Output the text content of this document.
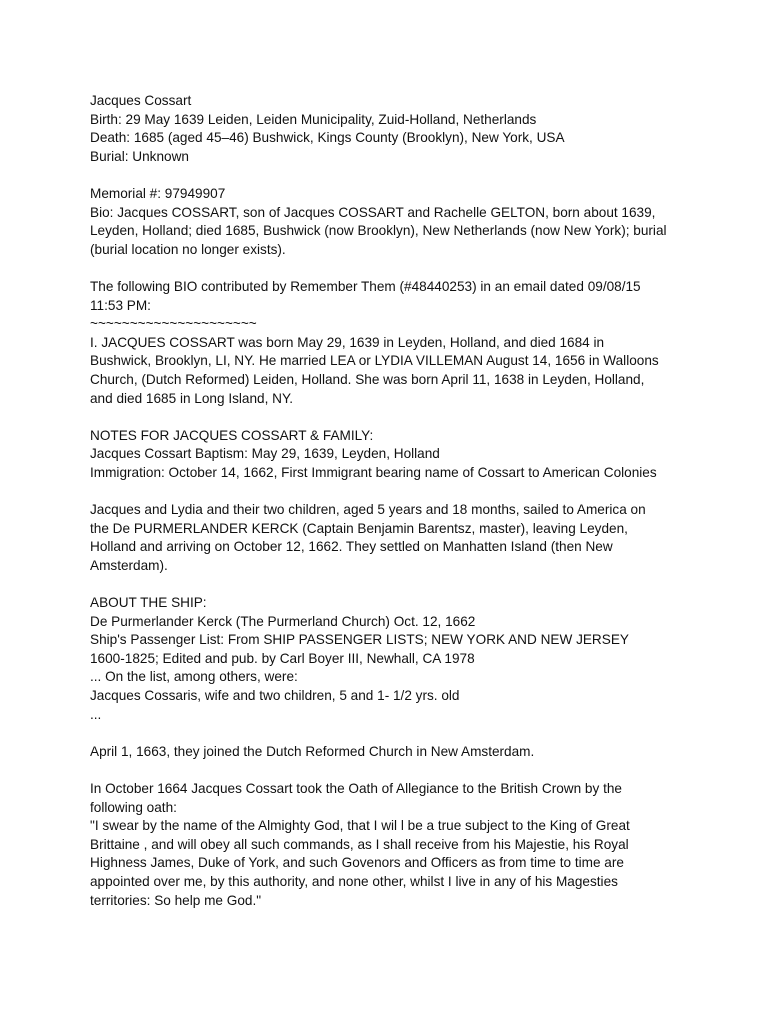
Jacques Cossart
Birth: 29 May 1639 Leiden, Leiden Municipality, Zuid-Holland, Netherlands
Death: 1685 (aged 45–46) Bushwick, Kings County (Brooklyn), New York, USA
Burial: Unknown
Memorial #: 97949907
Bio: Jacques COSSART, son of Jacques COSSART and Rachelle GELTON, born about 1639,
Leyden, Holland; died 1685, Bushwick (now Brooklyn), New Netherlands (now New York); burial
(burial location no longer exists).
The following BIO contributed by Remember Them (#48440253) in an email dated 09/08/15
11:53 PM:
~~~~~~~~~~~~~~~~~~~~~
I. JACQUES COSSART was born May 29, 1639 in Leyden, Holland, and died 1684 in
Bushwick, Brooklyn, LI, NY. He married LEA or LYDIA VILLEMAN August 14, 1656 in Walloons
Church, (Dutch Reformed) Leiden, Holland. She was born April 11, 1638 in Leyden, Holland,
and died 1685 in Long Island, NY.
NOTES FOR JACQUES COSSART & FAMILY:
Jacques Cossart Baptism: May 29, 1639, Leyden, Holland
Immigration: October 14, 1662, First Immigrant bearing name of Cossart to American Colonies
Jacques and Lydia and their two children, aged 5 years and 18 months, sailed to America on
the De PURMERLANDER KERCK (Captain Benjamin Barentsz, master), leaving Leyden,
Holland and arriving on October 12, 1662. They settled on Manhatten Island (then New
Amsterdam).
ABOUT THE SHIP:
De Purmerlander Kerck (The Purmerland Church) Oct. 12, 1662
Ship's Passenger List: From SHIP PASSENGER LISTS; NEW YORK AND NEW JERSEY
1600-1825; Edited and pub. by Carl Boyer III, Newhall, CA 1978
... On the list, among others, were:
Jacques Cossaris, wife and two children, 5 and 1- 1/2 yrs. old
...
April 1, 1663, they joined the Dutch Reformed Church in New Amsterdam.
In October 1664 Jacques Cossart took the Oath of Allegiance to the British Crown by the
following oath:
"I swear by the name of the Almighty God, that I wil l be a true subject to the King of Great
Brittaine , and will obey all such commands, as I shall receive from his Majestie, his Royal
Highness James, Duke of York, and such Govenors and Officers as from time to time are
appointed over me, by this authority, and none other, whilst I live in any of his Magesties
territories: So help me God."
